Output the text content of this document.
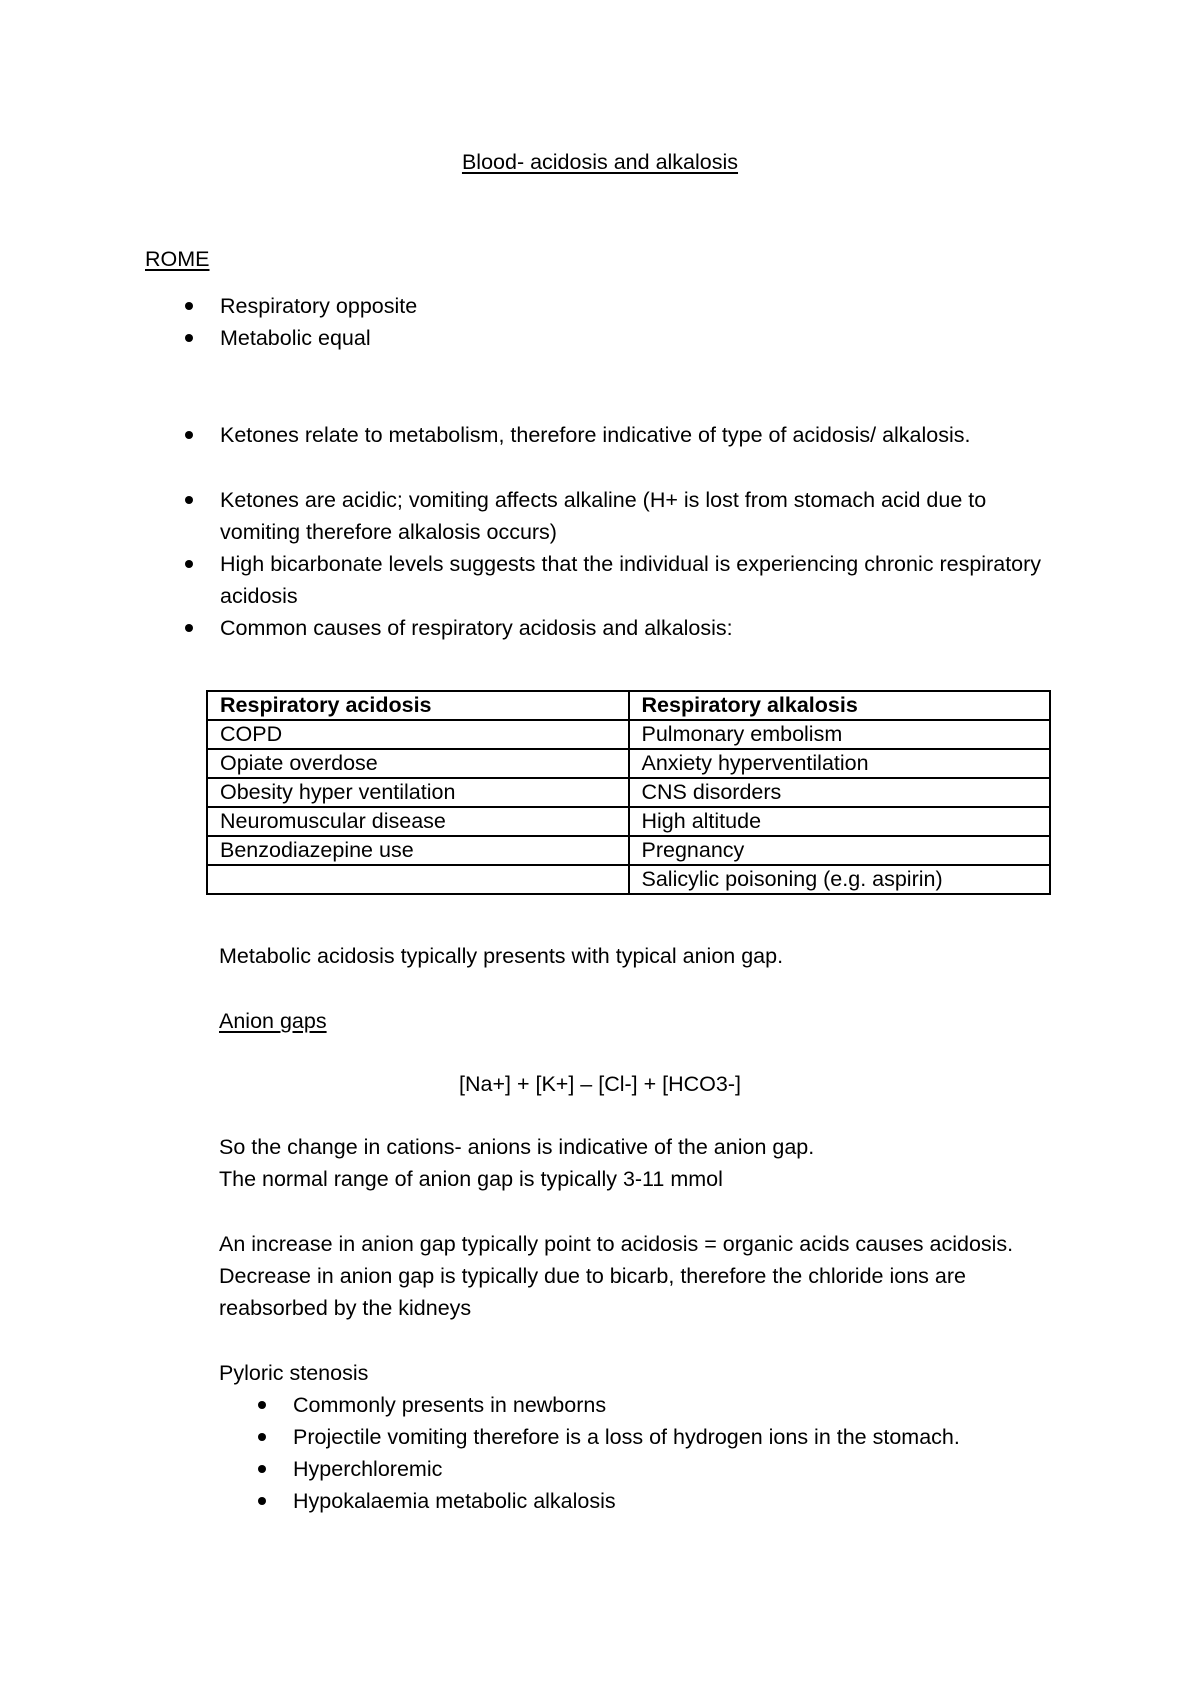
Blood- acidosis and alkalosis
ROME
Respiratory opposite
Metabolic equal
Ketones relate to metabolism, therefore indicative of type of acidosis/ alkalosis.
Ketones are acidic; vomiting affects alkaline (H+ is lost from stomach acid due to vomiting therefore alkalosis occurs)
High bicarbonate levels suggests that the individual is experiencing chronic respiratory acidosis
Common causes of respiratory acidosis and alkalosis:
Respiratory acidosis	Respiratory alkalosis
COPD	Pulmonary embolism
Opiate overdose	Anxiety hyperventilation
Obesity hyper ventilation	CNS disorders
Neuromuscular disease	High altitude
Benzodiazepine use	Pregnancy
	Salicylic poisoning (e.g. aspirin)
Metabolic acidosis typically presents with typical anion gap.
Anion gaps
[Na+] + [K+] – [Cl-] + [HCO3-]
So the change in cations- anions is indicative of the anion gap.
The normal range of anion gap is typically 3-11 mmol
An increase in anion gap typically point to acidosis = organic acids causes acidosis.
Decrease in anion gap is typically due to bicarb, therefore the chloride ions are reabsorbed by the kidneys
Pyloric stenosis
Commonly presents in newborns
Projectile vomiting therefore is a loss of hydrogen ions in the stomach.
Hyperchloremic
Hypokalaemia metabolic alkalosis
